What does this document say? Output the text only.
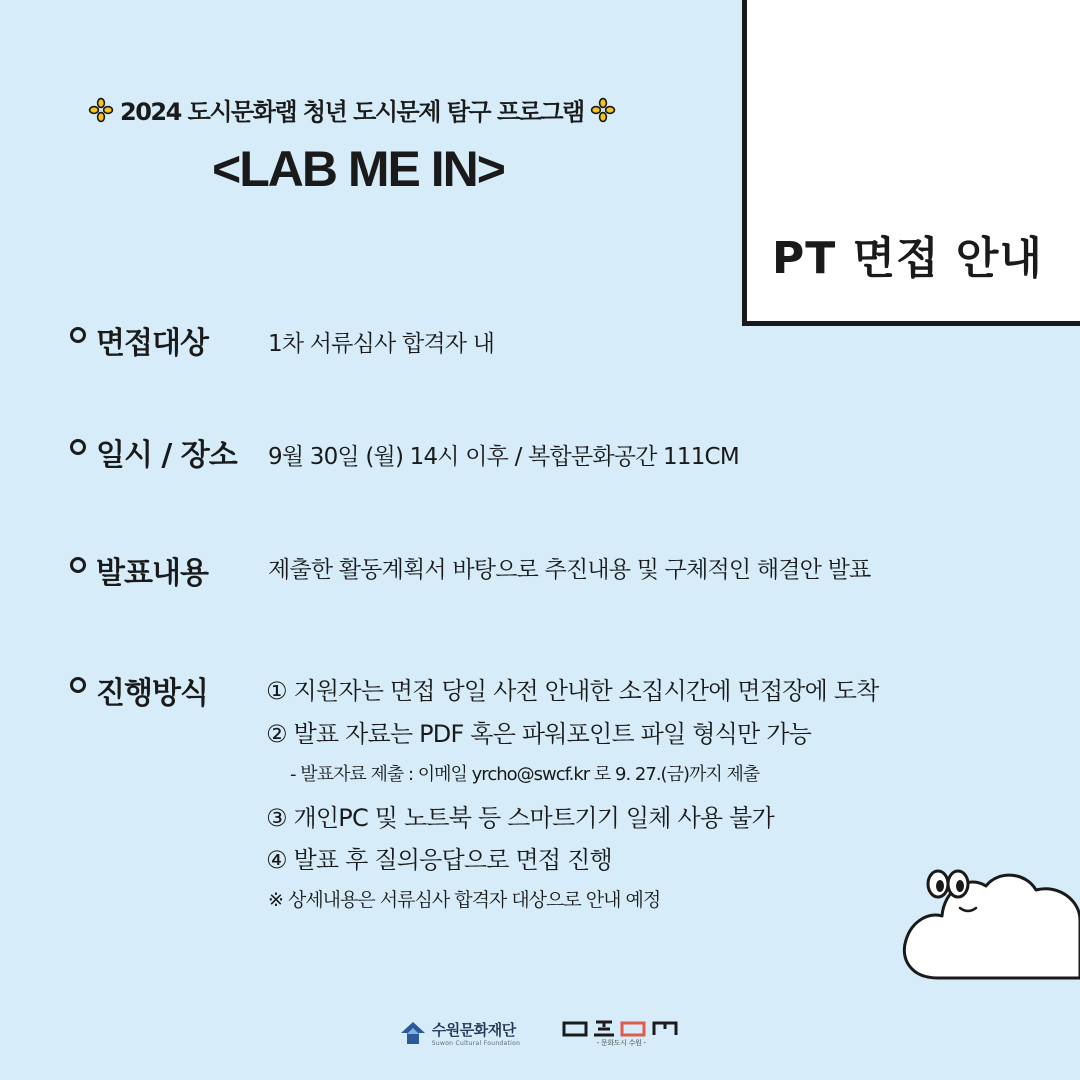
2024 도시문화랩 청년 도시문제 탐구 프로그램
<LAB ME IN>
PT 면접 안내
면접대상	1차 서류심사 합격자 내
일시 / 장소 9월 30일 (월) 14시 이후 / 복합문화공간 111CM
발표내용	제출한 활동계획서 바탕으로 추진내용 및 구체적인 해결안 발표
진행방식 ① 지원자는 면접 당일 사전 안내한 소집시간에 면접장에 도착
② 발표 자료는 PDF 혹은 파워포인트 파일 형식만 가능
- 발표자료 제출 : 이메일 yrcho@swcf.kr 로 9. 27.(금)까지 제출
③ 개인PC 및 노트북 등 스마트기기 일체 사용 불가
④ 발표 후 질의응답으로 면접 진행
※ 상세내용은 서류심사 합격자 대상으로 안내 예정
수원문화재단
Suwon Cultural Foundation	- 문화도시 수원 -
